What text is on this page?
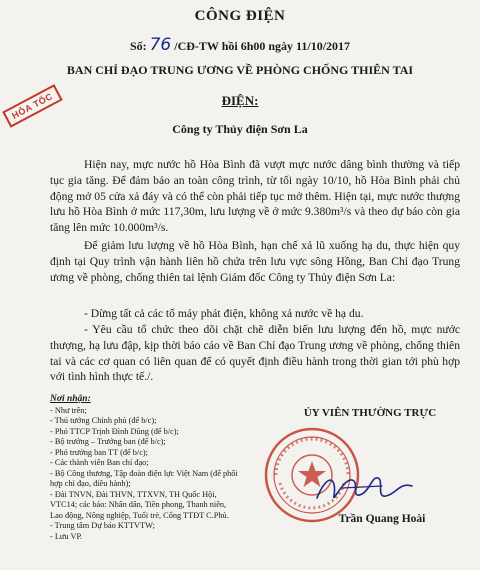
CÔNG ĐIỆN
Số: 76 /CĐ-TW hồi 6h00 ngày 11/10/2017
BAN CHỈ ĐẠO TRUNG ƯƠNG VỀ PHÒNG CHỐNG THIÊN TAI
ĐIỆN:
Công ty Thủy điện Sơn La
HỎA TỐC

Hiện nay, mực nước hồ Hòa Bình đã vượt mực nước dâng bình thường và tiếp tục gia tăng. Để đảm bảo an toàn công trình, từ tối ngày 10/10, hồ Hòa Bình phải chủ động mở 05 cửa xả đáy và có thể còn phải tiếp tục mở thêm. Hiện tại, mực nước thượng lưu hồ Hòa Bình ở mức 117,30m, lưu lượng về ở mức 9.380m³/s và theo dự báo còn gia tăng lên mức 10.000m³/s.

Để giảm lưu lượng về hồ Hòa Bình, hạn chế xả lũ xuống hạ du, thực hiện quy định tại Quy trình vận hành liên hồ chứa trên lưu vực sông Hồng, Ban Chỉ đạo Trung ương về phòng, chống thiên tai lệnh Giám đốc Công ty Thủy điện Sơn La:

- Dừng tất cả các tổ máy phát điện, không xả nước về hạ du.

- Yêu cầu tổ chức theo dõi chặt chẽ diễn biến lưu lượng đến hồ, mực nước thượng, hạ lưu đập, kịp thời báo cáo về Ban Chỉ đạo Trung ương về phòng, chống thiên tai và các cơ quan có liên quan để có quyết định điều hành trong thời gian tới phù hợp với tình hình thực tế./.

Nơi nhận:
- Như trên;
- Thủ tướng Chính phủ (để b/c);
- Phó TTCP Trịnh Đình Dũng (để b/c);
- Bộ trưởng – Trưởng ban (để b/c);
- Phó trưởng ban TT (để b/c);
- Các thành viên Ban chỉ đạo;
- Bộ Công thương, Tập đoàn điện lực Việt Nam (để phối hợp chỉ đạo, điều hành);
- Đài TNVN, Đài THVN, TTXVN, TH Quốc Hội, VTC14; các báo: Nhân dân, Tiền phong, Thanh niên, Lao động, Nông nghiệp, Tuổi trẻ, Cổng TTĐT C.Phủ.
- Trung tâm Dự báo KTTVTW;
- Lưu VP.
ỦY VIÊN THƯỜNG TRỰC
Trần Quang Hoài
